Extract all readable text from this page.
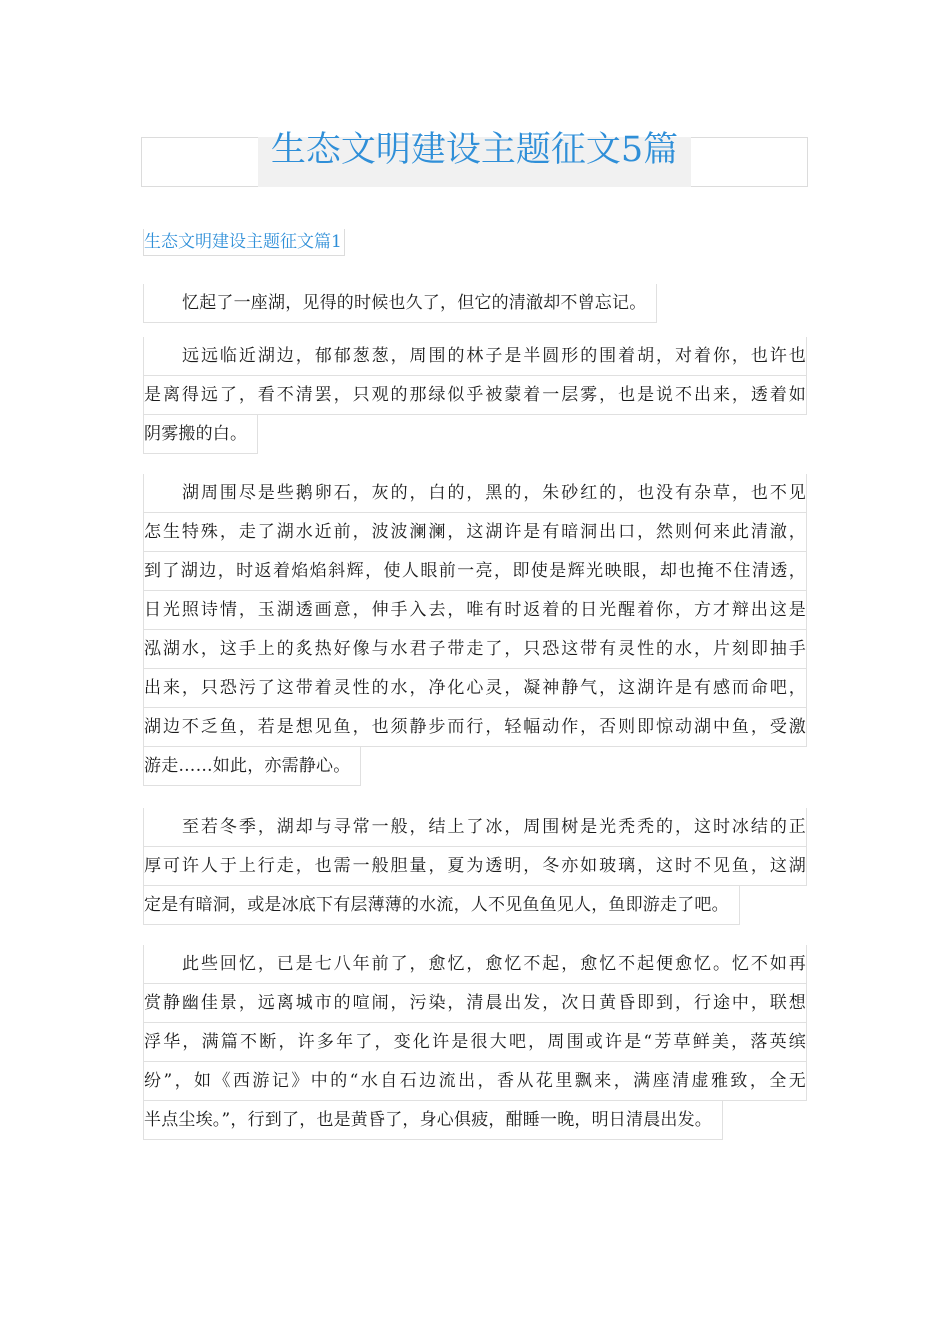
生态文明建设主题征文5篇
生态文明建设主题征文篇1
忆起了一座湖，见得的时候也久了，但它的清澈却不曾忘记。
远远临近湖边，郁郁葱葱，周围的林子是半圆形的围着胡，对着你，也许也
是离得远了，看不清罢，只观的那绿似乎被蒙着一层雾，也是说不出来，透着如
阴雾搬的白。
湖周围尽是些鹅卵石，灰的，白的，黑的，朱砂红的，也没有杂草，也不见
怎生特殊，走了湖水近前，波波澜澜，这湖许是有暗洞出口，然则何来此清澈，
到了湖边，时返着焰焰斜辉，使人眼前一亮，即使是辉光映眼，却也掩不住清透，
日光照诗情，玉湖透画意，伸手入去，唯有时返着的日光醒着你，方才辩出这是
泓湖水，这手上的炙热好像与水君子带走了，只恐这带有灵性的水，片刻即抽手
出来，只恐污了这带着灵性的水，净化心灵，凝神静气，这湖许是有感而命吧，
湖边不乏鱼，若是想见鱼，也须静步而行，轻幅动作，否则即惊动湖中鱼，受激
游走……如此，亦需静心。
至若冬季，湖却与寻常一般，结上了冰，周围树是光秃秃的，这时冰结的正
厚可许人于上行走，也需一般胆量，夏为透明，冬亦如玻璃，这时不见鱼，这湖
定是有暗洞，或是冰底下有层薄薄的水流，人不见鱼鱼见人，鱼即游走了吧。
此些回忆，已是七八年前了，愈忆，愈忆不起，愈忆不起便愈忆。忆不如再
赏静幽佳景，远离城市的喧闹，污染，清晨出发，次日黄昏即到，行途中，联想
浮华，满篇不断，许多年了，变化许是很大吧，周围或许是“芳草鲜美，落英缤
纷”，如《西游记》中的“水自石边流出，香从花里飘来，满座清虚雅致，全无
半点尘埃。”，行到了，也是黄昏了，身心俱疲，酣睡一晚，明日清晨出发。
